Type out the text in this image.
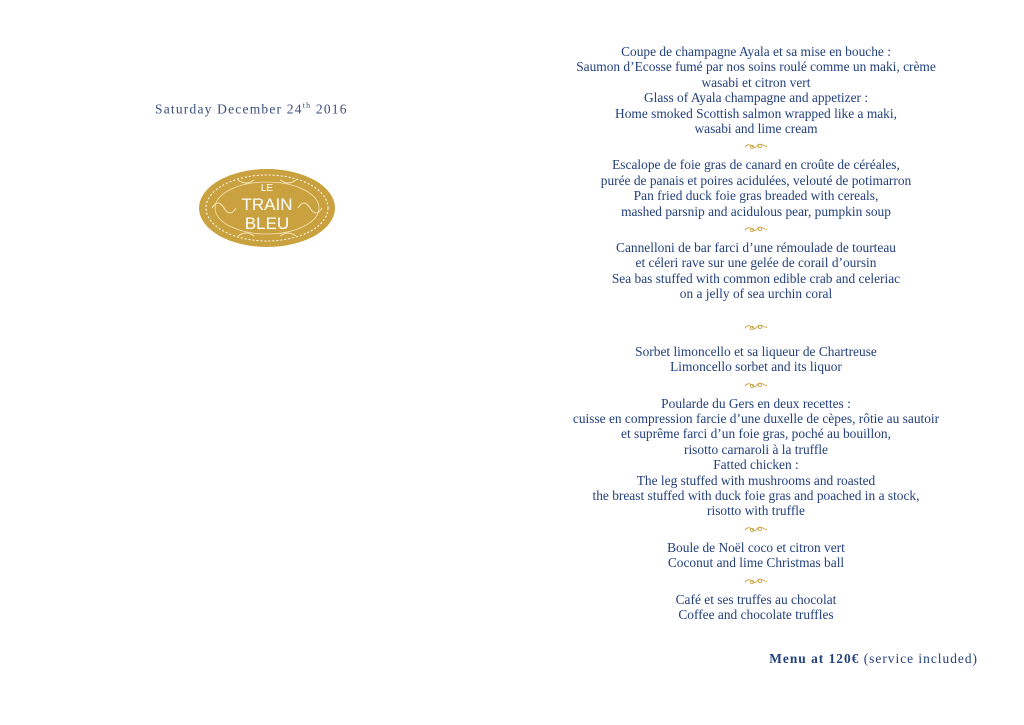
Saturday December 24th 2016
LE
TRAIN
BLEU

Coupe de champagne Ayala et sa mise en bouche :

Saumon d’Ecosse fumé par nos soins roulé comme un maki, crème

wasabi et citron vert

Glass of Ayala champagne and appetizer :

Home smoked Scottish salmon wrapped like a maki,

wasabi and lime cream

Escalope de foie gras de canard en croûte de céréales,

purée de panais et poires acidulées, velouté de potimarron

Pan fried duck foie gras breaded with cereals,

mashed parsnip and acidulous pear, pumpkin soup

Cannelloni de bar farci d’une rémoulade de tourteau

et céleri rave sur une gelée de corail d’oursin

Sea bas stuffed with common edible crab and celeriac

on a jelly of sea urchin coral

Sorbet limoncello et sa liqueur de Chartreuse

Limoncello sorbet and its liquor

Poularde du Gers en deux recettes :

cuisse en compression farcie d’une duxelle de cèpes, rôtie au sautoir

et suprême farci d’un foie gras, poché au bouillon,

risotto carnaroli à la truffle

Fatted chicken :

The leg stuffed with mushrooms and roasted

the breast stuffed with duck foie gras and poached in a stock,

risotto with truffle

Boule de Noël coco et citron vert

Coconut and lime Christmas ball

Café et ses truffes au chocolat

Coffee and chocolate truffles

Menu at 120€ (service included)
